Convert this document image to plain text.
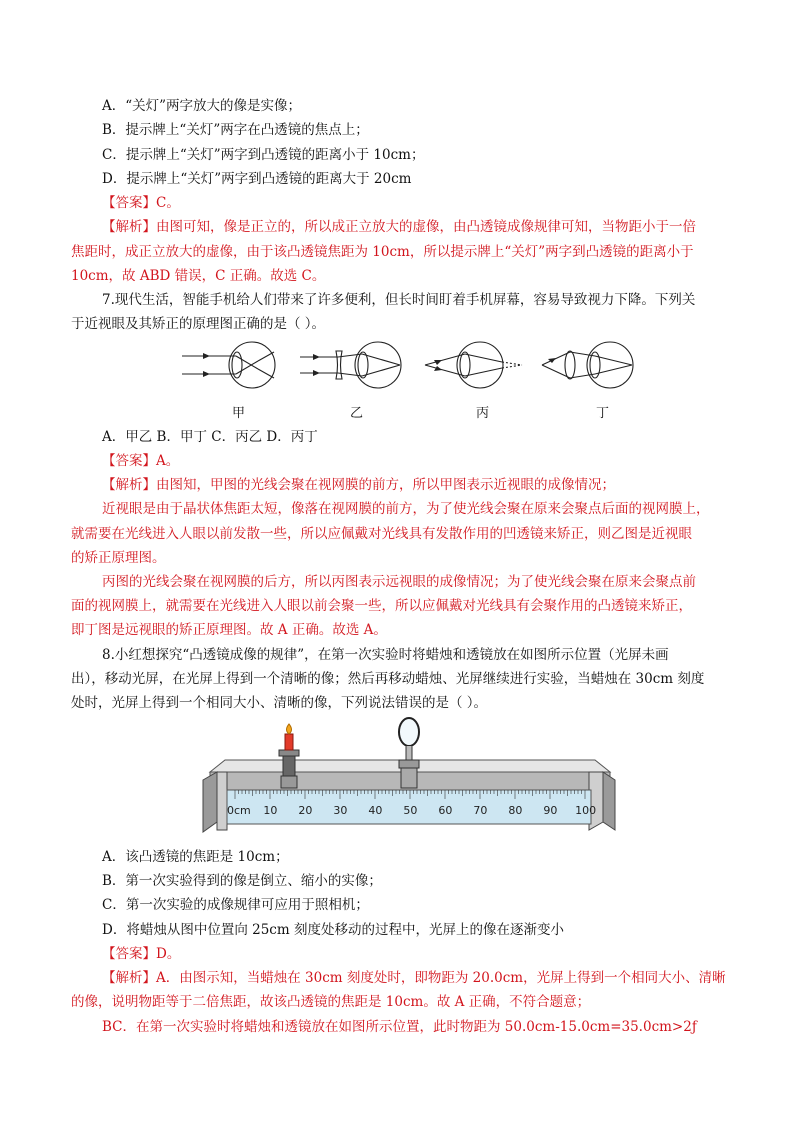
A．“关灯”两字放大的像是实像；
B．提示牌上“关灯”两字在凸透镜的焦点上；
C．提示牌上“关灯”两字到凸透镜的距离小于 10cm；
D．提示牌上“关灯”两字到凸透镜的距离大于 20cm
【答案】C。
【解析】由图可知，像是正立的，所以成正立放大的虚像，由凸透镜成像规律可知，当物距小于一倍
焦距时，成正立放大的虚像，由于该凸透镜焦距为 10cm，所以提示牌上“关灯”两字到凸透镜的距离小于
10cm，故 ABD 错误，C 正确。故选 C。
7.现代生活，智能手机给人们带来了许多便利，但长时间盯着手机屏幕，容易导致视力下降。下列关
于近视眼及其矫正的原理图正确的是（ ）。
甲	乙	丙	丁
A．甲乙 B．甲丁 C．丙乙 D．丙丁
【答案】A。
【解析】由图知，甲图的光线会聚在视网膜的前方，所以甲图表示近视眼的成像情况；
近视眼是由于晶状体焦距太短，像落在视网膜的前方，为了使光线会聚在原来会聚点后面的视网膜上，
就需要在光线进入人眼以前发散一些，所以应佩戴对光线具有发散作用的凹透镜来矫正，则乙图是近视眼
的矫正原理图。
丙图的光线会聚在视网膜的后方，所以丙图表示远视眼的成像情况；为了使光线会聚在原来会聚点前
面的视网膜上，就需要在光线进入人眼以前会聚一些，所以应佩戴对光线具有会聚作用的凸透镜来矫正，
即丁图是远视眼的矫正原理图。故 A 正确。故选 A。
8.小红想探究“凸透镜成像的规律”，在第一次实验时将蜡烛和透镜放在如图所示位置（光屏未画
出），移动光屏，在光屏上得到一个清晰的像；然后再移动蜡烛、光屏继续进行实验，当蜡烛在 30cm 刻度
处时，光屏上得到一个相同大小、清晰的像，下列说法错误的是（ ）。
0cm 10 20 30 40 50 60 70 80 90 100
A．该凸透镜的焦距是 10cm；
B．第一次实验得到的像是倒立、缩小的实像；
C．第一次实验的成像规律可应用于照相机；
D．将蜡烛从图中位置向 25cm 刻度处移动的过程中，光屏上的像在逐渐变小
【答案】D。
【解析】A．由图示知，当蜡烛在 30cm 刻度处时，即物距为 20.0cm，光屏上得到一个相同大小、清晰
的像，说明物距等于二倍焦距，故该凸透镜的焦距是 10cm。故 A 正确，不符合题意；
BC．在第一次实验时将蜡烛和透镜放在如图所示位置，此时物距为 50.0cm-15.0cm=35.0cm>2ƒ
